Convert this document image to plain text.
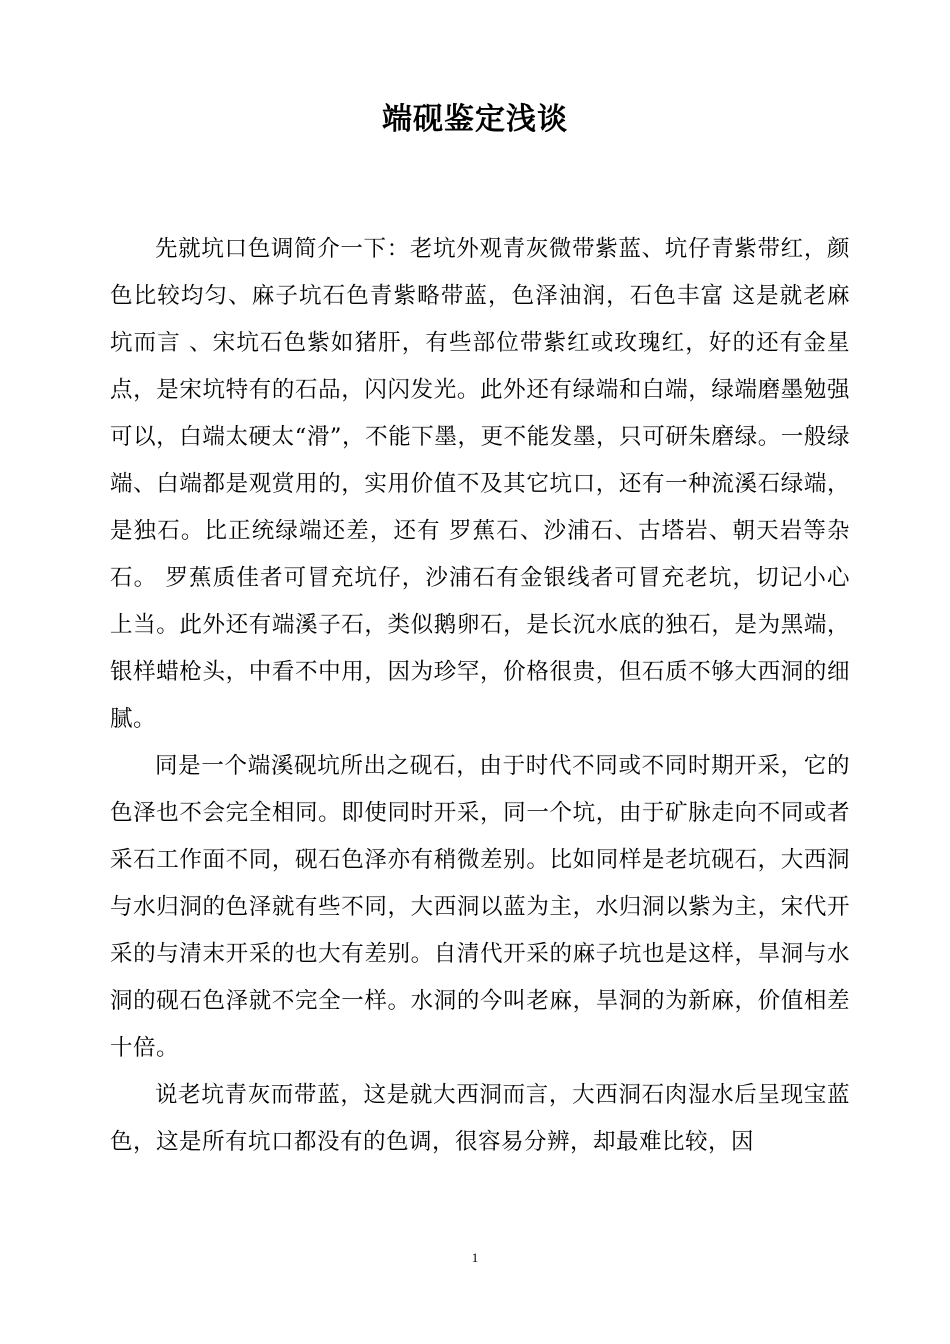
端砚鉴定浅谈

先就坑口色调简介一下：老坑外观青灰微带紫蓝、坑仔青紫带红，颜色比较均匀、麻子坑石色青紫略带蓝，色泽油润，石色丰富 这是就老麻坑而言 、宋坑石色紫如猪肝，有些部位带紫红或玫瑰红，好的还有金星点，是宋坑特有的石品，闪闪发光。此外还有绿端和白端，绿端磨墨勉强可以，白端太硬太“滑”，不能下墨，更不能发墨，只可研朱磨绿。一般绿端、白端都是观赏用的，实用价值不及其它坑口，还有一种流溪石绿端，是独石。比正统绿端还差，还有 罗蕉石、沙浦石、古塔岩、朝天岩等杂石。 罗蕉质佳者可冒充坑仔，沙浦石有金银线者可冒充老坑，切记小心上当。此外还有端溪子石，类似鹅卵石，是长沉水底的独石，是为黑端，银样蜡枪头，中看不中用，因为珍罕，价格很贵，但石质不够大西洞的细腻。

同是一个端溪砚坑所出之砚石，由于时代不同或不同时期开采，它的色泽也不会完全相同。即使同时开采，同一个坑，由于矿脉走向不同或者采石工作面不同，砚石色泽亦有稍微差别。比如同样是老坑砚石，大西洞与水归洞的色泽就有些不同，大西洞以蓝为主，水归洞以紫为主，宋代开采的与清末开采的也大有差别。自清代开采的麻子坑也是这样，旱洞与水洞的砚石色泽就不完全一样。水洞的今叫老麻，旱洞的为新麻，价值相差十倍。

说老坑青灰而带蓝，这是就大西洞而言，大西洞石肉湿水后呈现宝蓝色，这是所有坑口都没有的色调，很容易分辨，却最难比较，因

1
